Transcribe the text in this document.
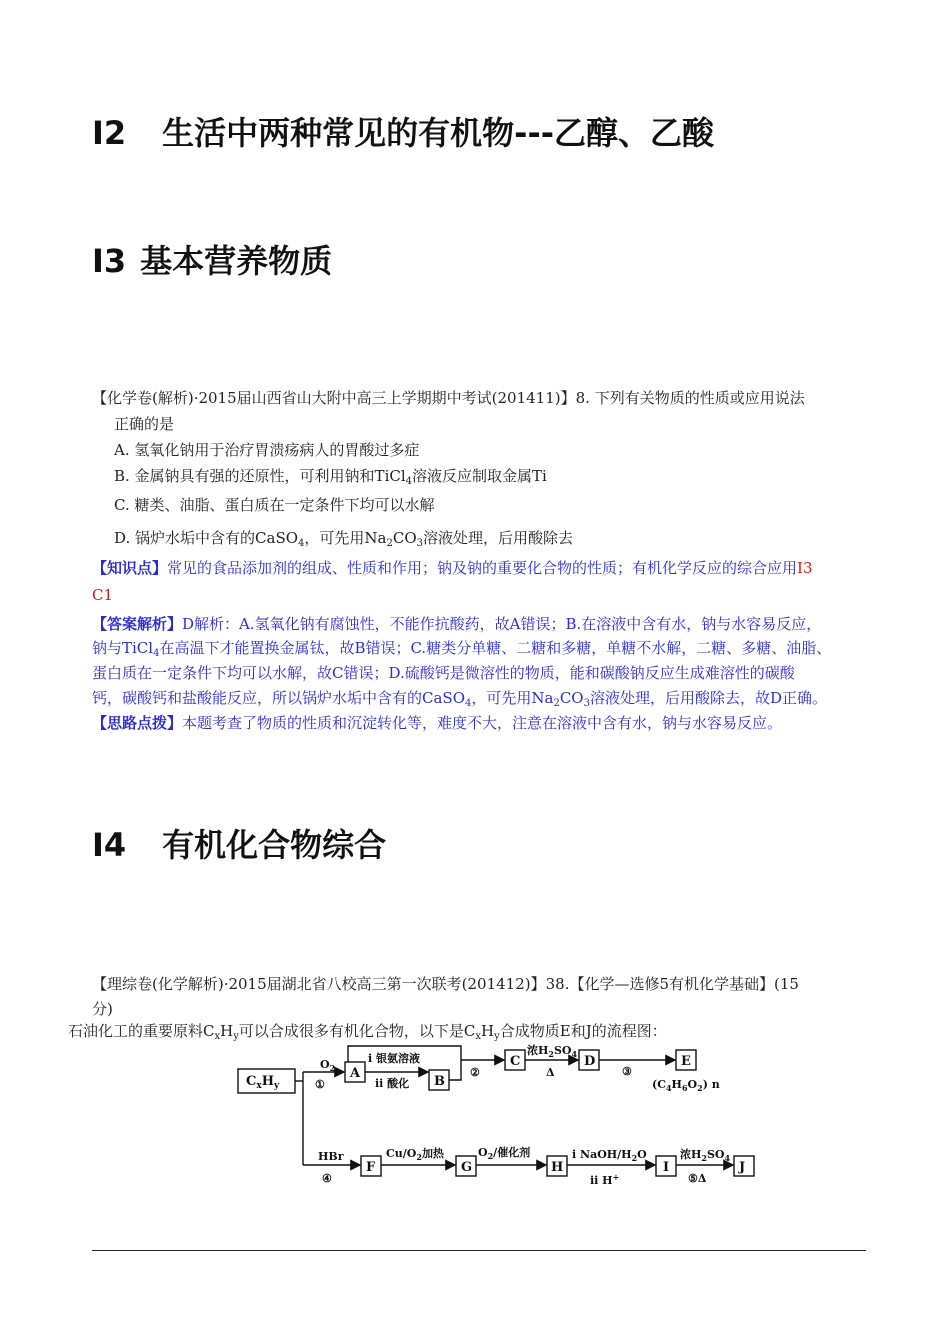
I2 生活中两种常见的有机物---乙醇、乙酸
I3 基本营养物质
【化学卷(解析)·2015届山西省山大附中高三上学期期中考试(201411)】8. 下列有关物质的性质或应用说法
正确的是
A. 氢氧化钠用于治疗胃溃疡病人的胃酸过多症
B. 金属钠具有强的还原性，可利用钠和TiCl$_4$溶液反应制取金属Ti
C. 糖类、油脂、蛋白质在一定条件下均可以水解
D. 锅炉水垢中含有的CaSO$_4$，可先用$Na_2CO_3$溶液处理，后用酸除去
【知识点】常见的食品添加剂的组成、性质和作用；钠及钠的重要化合物的性质；有机化学反应的综合应用I3
C1
【答案解析】D解析：A.氢氧化钠有腐蚀性，不能作抗酸药，故A错误；B.在溶液中含有水，钠与水容易反应，
钠与TiCl$_4$在高温下才能置换金属钛，故B错误；C.糖类分单糖、二糖和多糖，单糖不水解，二糖、多糖、油脂、
蛋白质在一定条件下均可以水解，故C错误；D.硫酸钙是微溶性的物质，能和碳酸钠反应生成难溶性的碳酸
钙，碳酸钙和盐酸能反应，所以锅炉水垢中含有的CaSO$_4$，可先用$Na_2CO_3$溶液处理，后用酸除去，故D正确。
【思路点拨】本题考查了物质的性质和沉淀转化等，难度不大，注意在溶液中含有水，钠与水容易反应。
I4 有机化合物综合
【理综卷(化学解析)·2015届湖北省八校高三第一次联考(201412)】38.【化学—选修5有机化学基础】(15
分)
石油化工的重要原料$C_xH_y$可以合成很多有机化合物，以下是$C_xH_y$合成物质E和J的流程图：
$C_xH_y$
A
B
C	D	E
F	G	H	I	J
$O_2$
①
i 银氨溶液
ii 酸化
②
浓$H_2SO_4$
Δ	③
$(C_4H_6O_2)$ n
HBr
④
$Cu/O_2$加热	$O_2/$催化剂	i NaOH/$H_2O$
ii H+
浓$H_2SO_4$
⑤Δ
